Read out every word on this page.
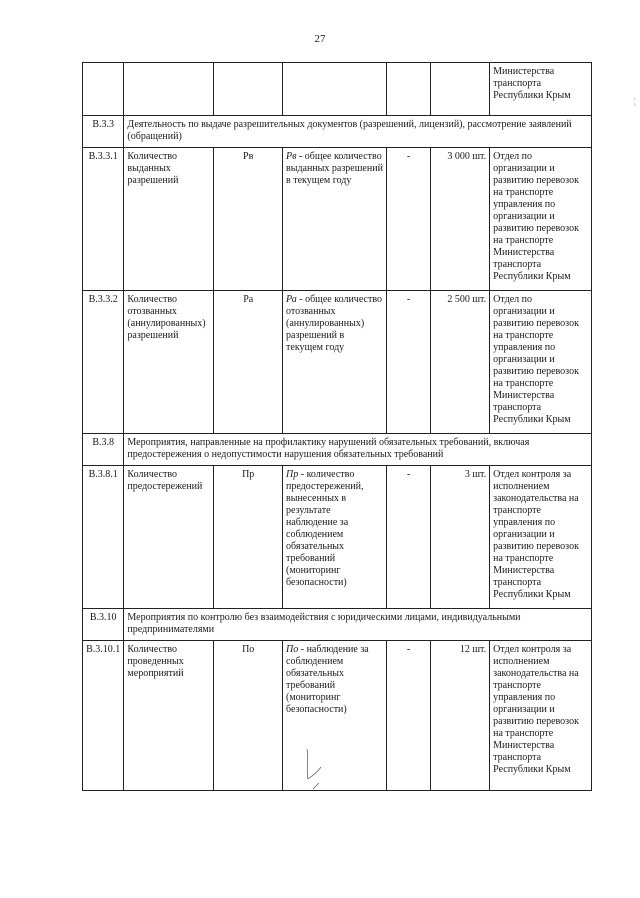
27
						Министерства транспорта Республики Крым
В.3.3	Деятельность по выдаче разрешительных документов (разрешений, лицензий), рассмотрение заявлений (обращений)					
В.3.3.1	Количество выданных разрешений	Рв	Рв - общее количество выданных разрешений в текущем году	-	3 000 шт.	Отдел по организации и развитию перевозок на транспорте управления по организации и развитию перевозок на транспорте Министерства транспорта Республики Крым
В.3.3.2	Количество отозванных (аннулированных) разрешений	Ра	Ра - общее количество отозванных (аннулированных) разрешений в текущем году	-	2 500 шт.	Отдел по организации и развитию перевозок на транспорте управления по организации и развитию перевозок на транспорте Министерства транспорта Республики Крым
В.3.8	Мероприятия, направленные на профилактику нарушений обязательных требований, включая предостережения о недопустимости нарушения обязательных требований					
В.3.8.1	Количество предостережений	Пр	Пр - количество предостережений, вынесенных в результате наблюдение за соблюдением обязательных требований (мониторинг безопасности)	-	3 шт.	Отдел контроля за исполнением законодательства на транспорте управления по организации и развитию перевозок на транспорте Министерства транспорта Республики Крым
В.3.10	Мероприятия по контролю без взаимодействия с юридическими лицами, индивидуальными предпринимателями					
В.3.10.1	Количество проведенных мероприятий	По	По - наблюдение за соблюдением обязательных требований (мониторинг безопасности)	-	12 шт.	Отдел контроля за исполнением законодательства на транспорте управления по организации и развитию перевозок на транспорте Министерства транспорта Республики Крым
¦
